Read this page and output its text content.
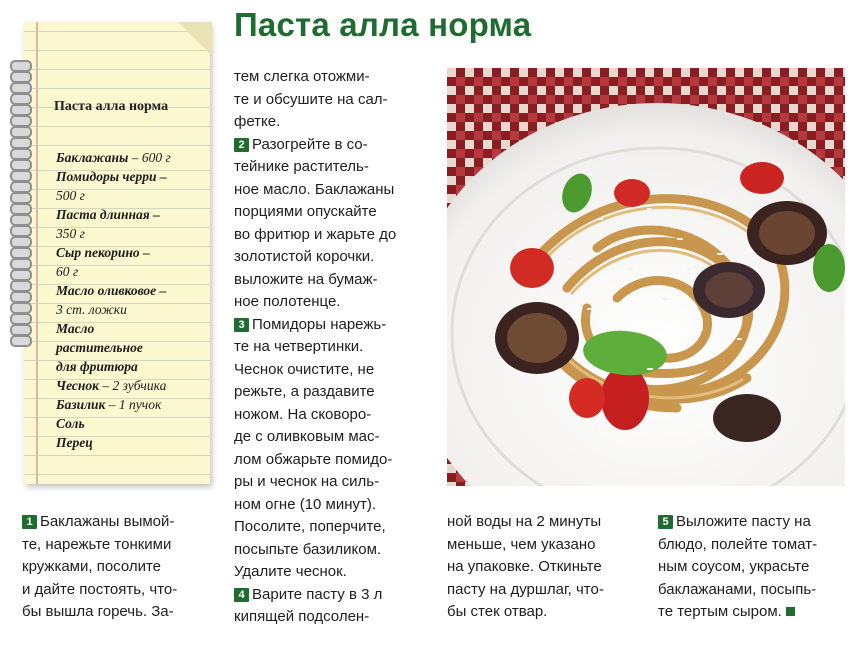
Паста алла норма
Паста алла норма
Баклажаны – 600 г
Помидоры черри –
500 г
Паста длинная –
350 г
Сыр пекорино –
60 г
Масло оливковое –
3 ст. ложки
Масло
растительное
для фритюра
Чеснок – 2 зубчика
Базилик – 1 пучок
Соль
Перец
тем слегка отожми-
те и обсушите на сал-
фетке.
2 Разогрейте в со-
тейнике раститель-
ное масло. Баклажаны
порциями опускайте
во фритюр и жарьте до
золотистой корочки.
выложите на бумаж-
ное полотенце.
3 Помидоры нарежь-
те на четвертинки.
Чеснок очистите, не
режьте, а раздавите
ножом. На сковоро-
де с оливковым мас-
лом обжарьте помидо-
ры и чеснок на силь-
ном огне (10 минут).
Посолите, поперчите,
посыпьте базиликом.
Удалите чеснок.
4 Варите пасту в 3 л
кипящей подсолен-
1 Баклажаны вымой-
те, нарежьте тонкими
кружками, посолите
и дайте постоять, что-
бы вышла горечь. За-
ной воды на 2 минуты
меньше, чем указано
на упаковке. Откиньте
пасту на дуршлаг, что-
бы стек отвар.
5 Выложите пасту на
блюдо, полейте томат-
ным соусом, украсьте
баклажанами, посыпь-
те тертым сыром.
